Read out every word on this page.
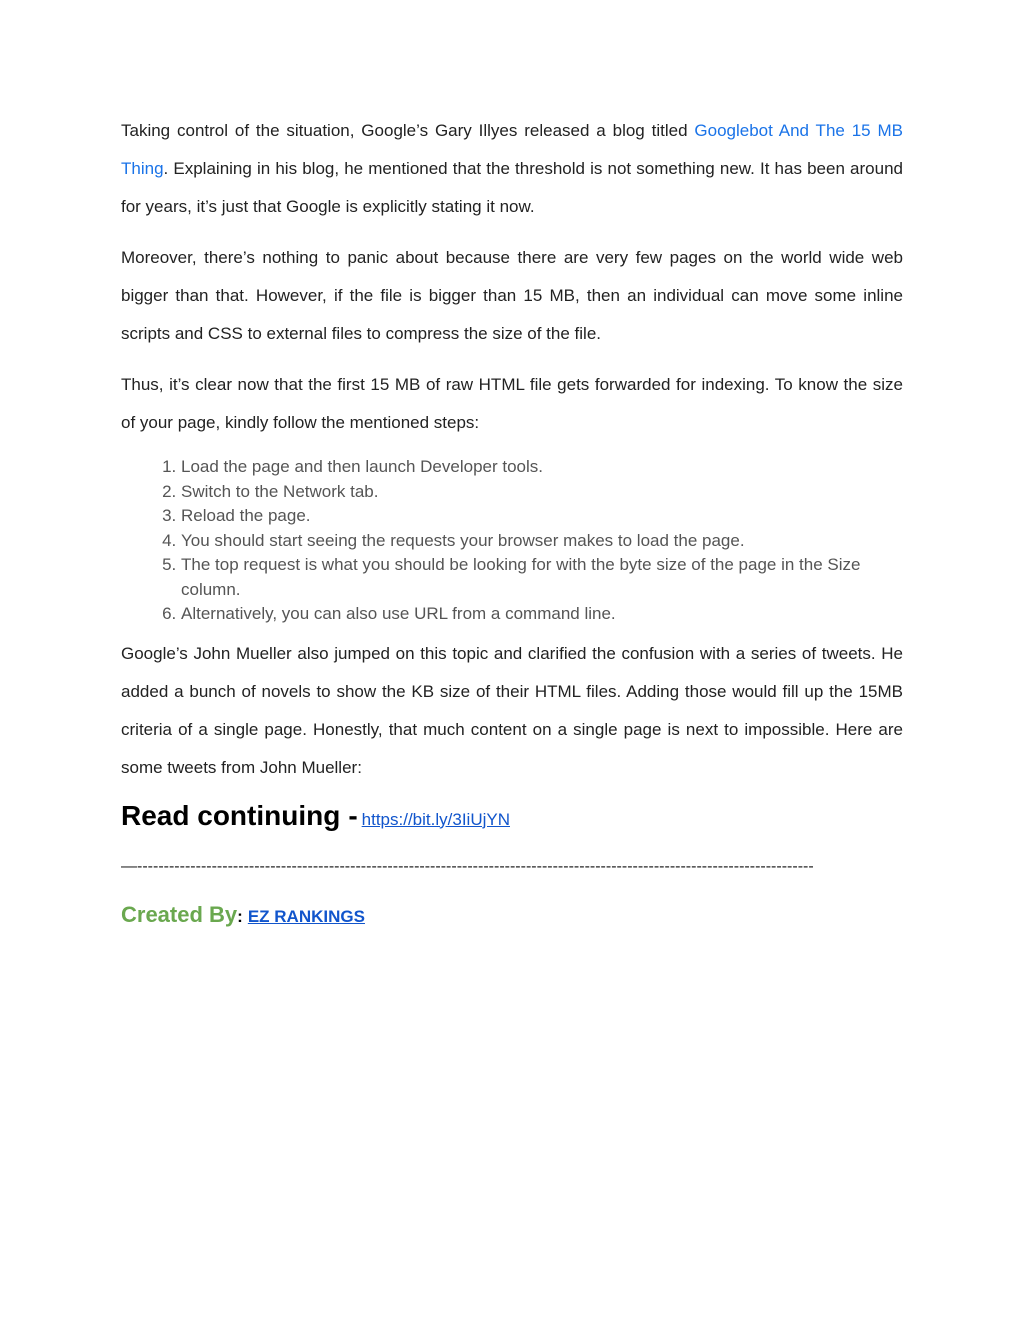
Taking control of the situation, Google’s Gary Illyes released a blog titled Googlebot And The 15 MB Thing. Explaining in his blog, he mentioned that the threshold is not something new. It has been around for years, it’s just that Google is explicitly stating it now.

Moreover, there’s nothing to panic about because there are very few pages on the world wide web bigger than that. However, if the file is bigger than 15 MB, then an individual can move some inline scripts and CSS to external files to compress the size of the file.

Thus, it’s clear now that the first 15 MB of raw HTML file gets forwarded for indexing. To know the size of your page, kindly follow the mentioned steps:

1. Load the page and then launch Developer tools.
2. Switch to the Network tab.
3. Reload the page.
4. You should start seeing the requests your browser makes to load the page.
5. The top request is what you should be looking for with the byte size of the page in the Size column.
6. Alternatively, you can also use URL from a command line.

Google’s John Mueller also jumped on this topic and clarified the confusion with a series of tweets. He added a bunch of novels to show the KB size of their HTML files. Adding those would fill up the 15MB criteria of a single page. Honestly, that much content on a single page is next to impossible. Here are some tweets from John Mueller:

Read continuing - https://bit.ly/3IiUjYN
—-------------------------------------------------------------------------------------------------------------------------------
Created By : EZ RANKINGS
